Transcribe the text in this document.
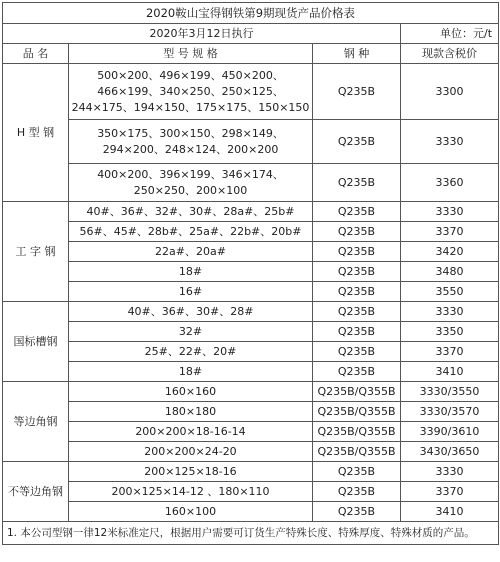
2020鞍山宝得钢铁第9期现货产品价格表			
2020年3月12日执行			单位：元/t
品 名	型 号 规 格	钢 种	现款含税价
H 型 钢	500×200、496×199、450×200、466×199、340×250、250×125、244×175、194×150、175×175、150×150	Q235B	3300
	350×175、300×150、298×149、294×200、248×124、200×200	Q235B	3330
	400×200、396×199、346×174、250×250、200×100	Q235B	3360
工 字 钢	40#、36#、32#、30#、28a#、25b#	Q235B	3330
	56#、45#、28b#、25a#、22b#、20b#	Q235B	3370
	22a#、20a#	Q235B	3420
	18#	Q235B	3480
	16#	Q235B	3550
国标槽钢	40#、36#、30#、28#	Q235B	3330
	32#	Q235B	3350
	25#、22#、20#	Q235B	3370
	18#	Q235B	3410
等边角钢	160×160	Q235B/Q355B	3330/3550
	180×180	Q235B/Q355B	3330/3570
	200×200×18-16-14	Q235B/Q355B	3390/3610
	200×200×24-20	Q235B/Q355B	3430/3650
不等边角钢	200×125×18-16	Q235B	3330
	200×125×14-12 、180×110	Q235B	3370
	160×100	Q235B	3410
1. 本公司型钢一律12米标准定尺，根据用户需要可订货生产特殊长度、特殊厚度、特殊材质的产品。			
